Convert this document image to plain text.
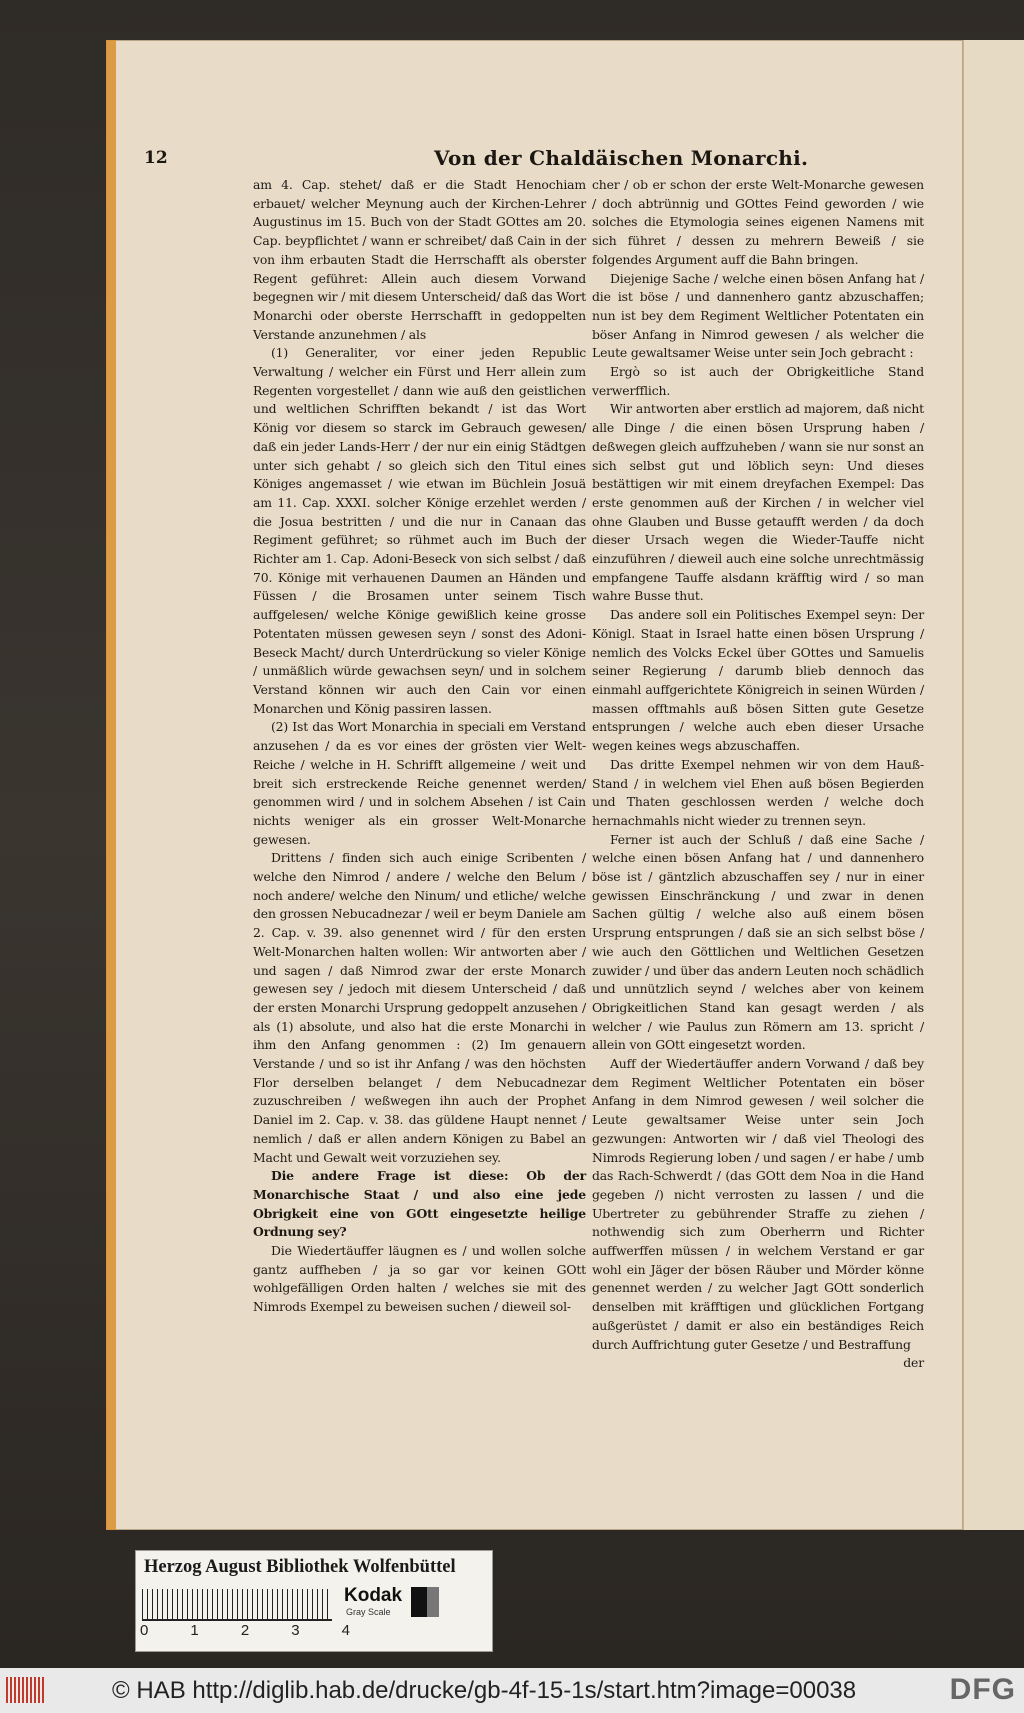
12	Von der Chaldäischen Monarchi.

am 4. Cap. stehet/ daß er die Stadt Henochiam erbauet/ welcher Meynung auch der Kirchen-Lehrer Augustinus im 15. Buch von der Stadt GOttes am 20. Cap. beypflichtet / wann er schreibet/ daß Cain in der von ihm erbauten Stadt die Herrschafft als oberster Regent geführet: Allein auch diesem Vorwand begegnen wir / mit diesem Unterscheid/ daß das Wort Monarchi oder oberste Herrschafft in gedoppelten Verstande anzunehmen / als

(1) Generaliter, vor einer jeden Republic Verwaltung / welcher ein Fürst und Herr allein zum Regenten vorgestellet / dann wie auß den geistlichen und weltlichen Schrifften bekandt / ist das Wort König vor diesem so starck im Gebrauch gewesen/ daß ein jeder Lands-Herr / der nur ein einig Städtgen unter sich gehabt / so gleich sich den Titul eines Königes angemasset / wie etwan im Büchlein Josuä am 11. Cap. XXXI. solcher Könige erzehlet werden / die Josua bestritten / und die nur in Canaan das Regiment geführet; so rühmet auch im Buch der Richter am 1. Cap. Adoni-Beseck von sich selbst / daß 70. Könige mit verhauenen Daumen an Händen und Füssen / die Brosamen unter seinem Tisch auffgelesen/ welche Könige gewißlich keine grosse Potentaten müssen gewesen seyn / sonst des Adoni-Beseck Macht/ durch Unterdrückung so vieler Könige / unmäßlich würde gewachsen seyn/ und in solchem Verstand können wir auch den Cain vor einen Monarchen und König passiren lassen.

(2) Ist das Wort Monarchia in speciali em Verstand anzusehen / da es vor eines der grösten vier Welt-Reiche / welche in H. Schrifft allgemeine / weit und breit sich erstreckende Reiche genennet werden/ genommen wird / und in solchem Absehen / ist Cain nichts weniger als ein grosser Welt-Monarche gewesen.

Drittens / finden sich auch einige Scribenten / welche den Nimrod / andere / welche den Belum / noch andere/ welche den Ninum/ und etliche/ welche den grossen Nebucadnezar / weil er beym Daniele am 2. Cap. v. 39. also genennet wird / für den ersten Welt-Monarchen halten wollen: Wir antworten aber / und sagen / daß Nimrod zwar der erste Monarch gewesen sey / jedoch mit diesem Unterscheid / daß der ersten Monarchi Ursprung gedoppelt anzusehen / als (1) absolute, und also hat die erste Monarchi in ihm den Anfang genommen : (2) Im genauern Verstande / und so ist ihr Anfang / was den höchsten Flor derselben belanget / dem Nebucadnezar zuzuschreiben / weßwegen ihn auch der Prophet Daniel im 2. Cap. v. 38. das güldene Haupt nennet / nemlich / daß er allen andern Königen zu Babel an Macht und Gewalt weit vorzuziehen sey.

Die andere Frage ist diese: Ob der Monarchische Staat / und also eine jede Obrigkeit eine von GOtt eingesetzte heilige Ordnung sey?

Die Wiedertäuffer läugnen es / und wollen solche gantz auffheben / ja so gar vor keinen GOtt wohlgefälligen Orden halten / welches sie mit des Nimrods Exempel zu beweisen suchen / dieweil sol-

cher / ob er schon der erste Welt-Monarche gewesen / doch abtrünnig und GOttes Feind geworden / wie solches die Etymologia seines eigenen Namens mit sich führet / dessen zu mehrern Beweiß / sie folgendes Argument auff die Bahn bringen.

Diejenige Sache / welche einen bösen Anfang hat / die ist böse / und dannenhero gantz abzuschaffen; nun ist bey dem Regiment Weltlicher Potentaten ein böser Anfang in Nimrod gewesen / als welcher die Leute gewaltsamer Weise unter sein Joch gebracht :

Ergò so ist auch der Obrigkeitliche Stand verwerfflich.

Wir antworten aber erstlich ad majorem, daß nicht alle Dinge / die einen bösen Ursprung haben / deßwegen gleich auffzuheben / wann sie nur sonst an sich selbst gut und löblich seyn: Und dieses bestättigen wir mit einem dreyfachen Exempel: Das erste genommen auß der Kirchen / in welcher viel ohne Glauben und Busse getaufft werden / da doch dieser Ursach wegen die Wieder-Tauffe nicht einzuführen / dieweil auch eine solche unrechtmässig empfangene Tauffe alsdann kräfftig wird / so man wahre Busse thut.

Das andere soll ein Politisches Exempel seyn: Der Königl. Staat in Israel hatte einen bösen Ursprung / nemlich des Volcks Eckel über GOttes und Samuelis seiner Regierung / darumb blieb dennoch das einmahl auffgerichtete Königreich in seinen Würden / massen offtmahls auß bösen Sitten gute Gesetze entsprungen / welche auch eben dieser Ursache wegen keines wegs abzuschaffen.

Das dritte Exempel nehmen wir von dem Hauß-Stand / in welchem viel Ehen auß bösen Begierden und Thaten geschlossen werden / welche doch hernachmahls nicht wieder zu trennen seyn.

Ferner ist auch der Schluß / daß eine Sache / welche einen bösen Anfang hat / und dannenhero böse ist / gäntzlich abzuschaffen sey / nur in einer gewissen Einschränckung / und zwar in denen Sachen gültig / welche also auß einem bösen Ursprung entsprungen / daß sie an sich selbst böse / wie auch den Göttlichen und Weltlichen Gesetzen zuwider / und über das andern Leuten noch schädlich und unnützlich seynd / welches aber von keinem Obrigkeitlichen Stand kan gesagt werden / als welcher / wie Paulus zun Römern am 13. spricht / allein von GOtt eingesetzt worden.

Auff der Wiedertäuffer andern Vorwand / daß bey dem Regiment Weltlicher Potentaten ein böser Anfang in dem Nimrod gewesen / weil solcher die Leute gewaltsamer Weise unter sein Joch gezwungen: Antworten wir / daß viel Theologi des Nimrods Regierung loben / und sagen / er habe / umb das Rach-Schwerdt / (das GOtt dem Noa in die Hand gegeben /) nicht verrosten zu lassen / und die Ubertreter zu gebührender Straffe zu ziehen / nothwendig sich zum Oberherrn und Richter auffwerffen müssen / in welchem Verstand er gar wohl ein Jäger der bösen Räuber und Mörder könne genennet werden / zu welcher Jagt GOtt sonderlich denselben mit kräfftigen und glücklichen Fortgang außgerüstet / damit er also ein beständiges Reich durch Auffrichtung guter Gesetze / und Bestraffung

der

Herzog August Bibliothek Wolfenbüttel
0	1	2	3	4
Kodak
Gray Scale
© HAB http://diglib.hab.de/drucke/gb-4f-15-1s/start.htm?image=00038	DFG
